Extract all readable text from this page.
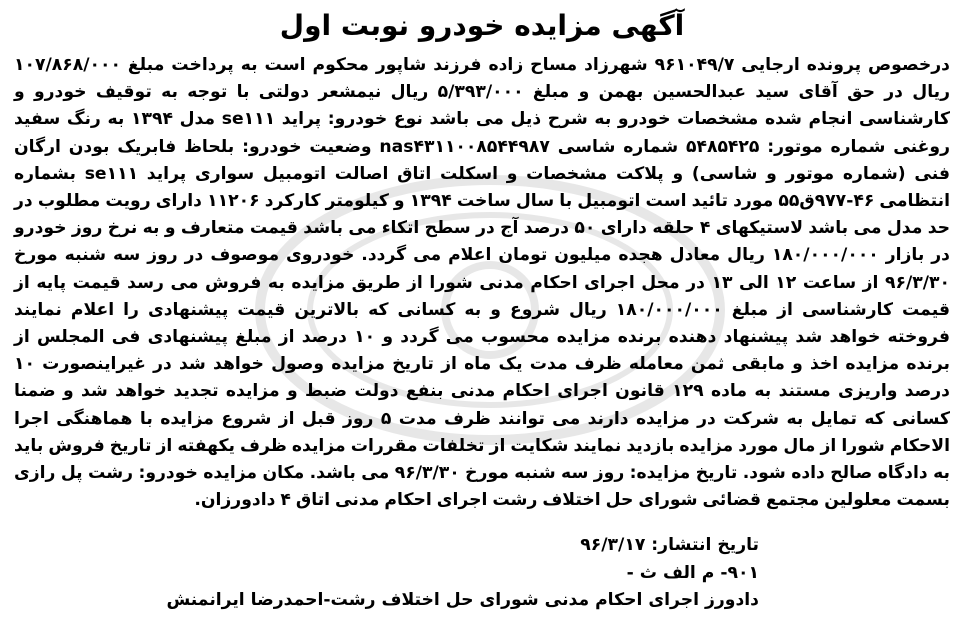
آگهی مزایده خودرو نوبت اول
درخصوص پرونده ارجایی ۹۶۱۰۴۹/۷ شهرزاد مساح زاده فرزند شاپور محکوم است به پرداخت مبلغ ۱۰۷/۸۶۸/۰۰۰ ریال در حق آقای سید عبدالحسین بهمن و مبلغ ۵/۳۹۳/۰۰۰ ریال نیمشعر دولتی با توجه به توقیف خودرو و کارشناسی انجام شده مشخصات خودرو به شرح ذیل می باشد نوع خودرو: پراید se۱۱۱ مدل ۱۳۹۴ به رنگ سفید روغنی شماره موتور: ۵۴۸۵۴۲۵ شماره شاسی nas۴۳۱۱۰۰۸۵۴۴۹۸۷ وضعیت خودرو: بلحاظ فابریک بودن ارگان فنی (شماره موتور و شاسی) و پلاکت مشخصات و اسکلت اتاق اصالت اتومبیل سواری پراید se۱۱۱ بشماره انتظامی ۴۶-۹۷۷ق۵۵ مورد تائید است اتومبیل با سال ساخت ۱۳۹۴ و کیلومتر کارکرد ۱۱۲۰۶ دارای رویت مطلوب در حد مدل می باشد لاستیکهای ۴ حلقه دارای ۵۰ درصد آج در سطح اتکاء می باشد قیمت متعارف و به نرخ روز خودرو در بازار ۱۸۰/۰۰۰/۰۰۰ ریال معادل هجده میلیون تومان اعلام می گردد. خودروی موصوف در روز سه شنبه مورخ ۹۶/۳/۳۰ از ساعت ۱۲ الی ۱۳ در محل اجرای احکام مدنی شورا از طریق مزایده به فروش می رسد قیمت پایه از قیمت کارشناسی از مبلغ ۱۸۰/۰۰۰/۰۰۰ ریال شروع و به کسانی که بالاترین قیمت پیشنهادی را اعلام نمایند فروخته خواهد شد پیشنهاد دهنده برنده مزایده محسوب می گردد و ۱۰ درصد از مبلغ پیشنهادی فی المجلس از برنده مزایده اخذ و مابقی ثمن معامله ظرف مدت یک ماه از تاریخ مزایده وصول خواهد شد در غیراینصورت ۱۰ درصد واریزی مستند به ماده ۱۲۹ قانون اجرای احکام مدنی بنفع دولت ضبط و مزایده تجدید خواهد شد و ضمنا کسانی که تمایل به شرکت در مزایده دارند می توانند ظرف مدت ۵ روز قبل از شروع مزایده با هماهنگی اجرا الاحکام شورا از مال مورد مزایده بازدید نمایند شکایت از تخلفات مقررات مزایده ظرف یکهفته از تاریخ فروش باید به دادگاه صالح داده شود. تاریخ مزایده: روز سه شنبه مورخ ۹۶/۳/۳۰ می باشد. مکان مزایده خودرو: رشت پل رازی بسمت معلولین مجتمع قضائی شورای حل اختلاف رشت اجرای احکام مدنی اتاق ۴ دادورزان.
تاریخ انتشار: ۹۶/۳/۱۷
۹۰۱- م الف ث -
دادورز اجرای احکام مدنی شورای حل اختلاف رشت-احمدرضا ایرانمنش
